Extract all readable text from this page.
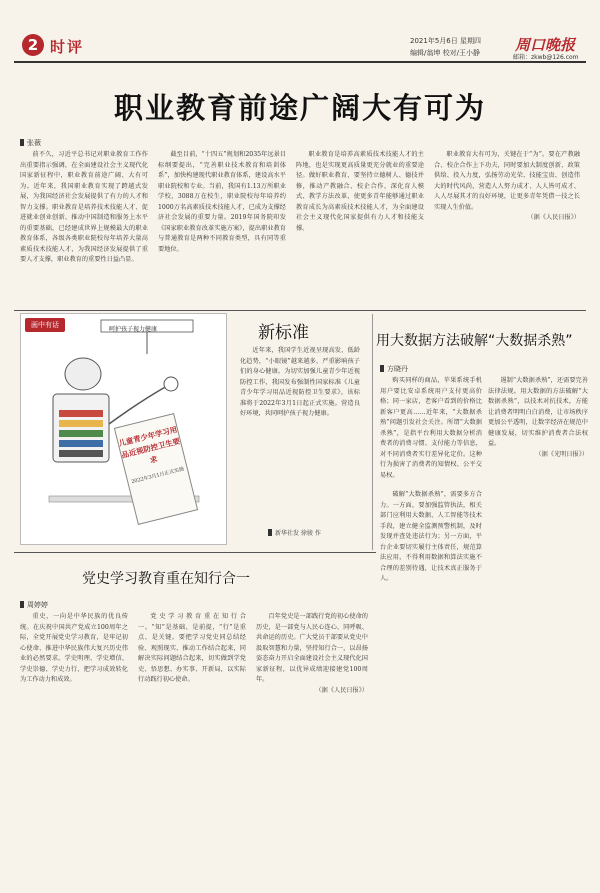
2 时评	2021年5月6日 星期四
编辑/翁坤 校对/王小静 周口晚报
邮箱：zkwb@126.com
职业教育前途广阔大有可为
张薇

前不久，习近平总书记对职业教育工作作出重要指示强调，在全面建设社会主义现代化国家新征程中，职业教育前途广阔、大有可为。近年来，我国职业教育实现了跨越式发展，为我国经济社会发展提供了有力的人才和智力支撑。职业教育是培养技术技能人才、促进就业创业创新、推动中国制造和服务上水平的重要基础，已经建成世界上规模最大的职业教育体系，各级各类职业院校每年培养大量高素质技术技能人才，为我国经济发展提供了重要人才支撑，职业教育的重要性日益凸显。

截至目前，“十四五”规划和2035年远景目标纲要提出，“完善职业技术教育和培训体系”，加快构建现代职业教育体系，建设高水平职业院校和专业。当前，我国有1.13万所职业学校，3088万在校生，职业院校每年培养约1000万名高素质技术技能人才，已成为支撑经济社会发展的重要力量。2019年国务院印发《国家职业教育改革实施方案》，提出职业教育与普通教育是两种不同教育类型，具有同等重要地位。

职业教育是培养高素质技术技能人才的主阵地，也是实现更高质量更充分就业的重要途径。做好职业教育，要坚持立德树人、德技并修，推动产教融合、校企合作，深化育人模式、教学方法改革，使更多青年能够通过职业教育成长为高素质技术技能人才，为全面建设社会主义现代化国家提供有力人才和技能支撑。

职业教育大有可为，关键在于“为”。要在产教融合、校企合作上下功夫，同时要加大制度创新、政策供给、投入力度，弘扬劳动光荣、技能宝贵、创造伟大的时代风尚，营造人人努力成才、人人皆可成才、人人尽展其才的良好环境，让更多青年凭借一技之长实现人生价值。

（据《人民日报》）

画中有话
呵护孩子视力健康
儿童青少年学习用品近视防控卫生要求
2022年3月1日正式实施
新标准

近年来，我国学生近视呈现高发、低龄化趋势，“小眼镜”越来越多，严重影响孩子们的身心健康。为切实加强儿童青少年近视防控工作，我国发布强制性国家标准《儿童青少年学习用品近视防控卫生要求》，该标准将于2022年3月1日起正式实施。营造良好环境，共同呵护孩子视力健康。

新华社发 徐骏 作
用大数据方法破解“大数据杀熟”
方晓丹

购买同样的商品，苹果系统手机用户要比安卓系统用户支付更高价格；同一家店，老客户看到的价格比新客户更高……近年来，“大数据杀熟”问题引发社会关注。所谓“大数据杀熟”，是指平台利用大数据分析消费者的消费习惯、支付能力等信息，对不同消费者实行差异化定价。这种行为损害了消费者的知情权、公平交易权。

破解“大数据杀熟”，需要多方合力。一方面，要加强监管执法，相关部门应利用大数据、人工智能等技术手段，建立健全监测预警机制，及时发现并查处违法行为；另一方面，平台企业要切实履行主体责任，规范算法应用，不得利用数据和算法实施不合理的差别待遇，让技术真正服务于人。

遏制“大数据杀熟”，还需要完善法律法规。用大数据的方法破解“大数据杀熟”，以技术对抗技术，方能让消费者明明白白消费，让市场秩序更加公平透明，让数字经济在规范中健康发展，切实维护消费者合法权益。

（据《光明日报》）

党史学习教育重在知行合一
周婷婷

重史，一向是中华民族的优良传统。在庆祝中国共产党成立100周年之际，全党开展党史学习教育，是牢记初心使命、推进中华民族伟大复兴历史伟业的必然要求。学史明理、学史增信、学史崇德、学史力行，把学习成效转化为工作动力和成效。

党史学习教育重在知行合一。“知”是基础、是前提，“行”是重点、是关键。要把学习党史同总结经验、观照现实、推动工作结合起来，同解决实际问题结合起来，切实做到学党史、悟思想、办实事、开新局，以实际行动践行初心使命。

百年党史是一部践行党的初心使命的历史，是一部党与人民心连心、同呼吸、共命运的历史。广大党员干部要从党史中汲取智慧和力量，坚持知行合一，以昂扬姿态奋力开启全面建设社会主义现代化国家新征程，以优异成绩迎接建党100周年。

（据《人民日报》）
